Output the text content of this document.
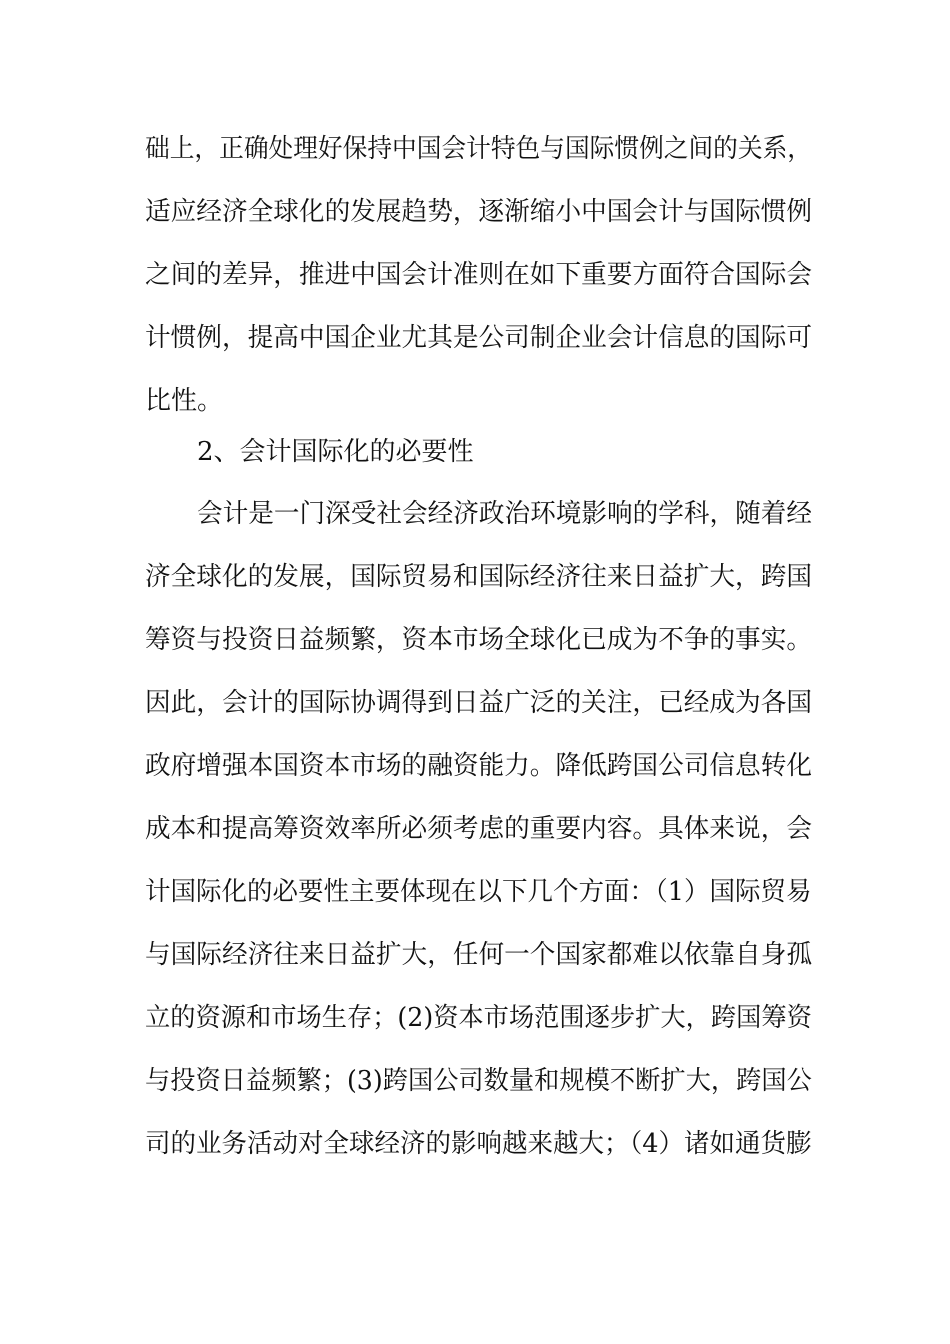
础上，正确处理好保持中国会计特色与国际惯例之间的关系，
适应经济全球化的发展趋势，逐渐缩小中国会计与国际惯例
之间的差异，推进中国会计准则在如下重要方面符合国际会
计惯例，提高中国企业尤其是公司制企业会计信息的国际可
比性。
2、会计国际化的必要性
会计是一门深受社会经济政治环境影响的学科，随着经
济全球化的发展，国际贸易和国际经济往来日益扩大，跨国
筹资与投资日益频繁，资本市场全球化已成为不争的事实。
因此，会计的国际协调得到日益广泛的关注，已经成为各国
政府增强本国资本市场的融资能力。降低跨国公司信息转化
成本和提高筹资效率所必须考虑的重要内容。具体来说，会
计国际化的必要性主要体现在以下几个方面：（1）国际贸易
与国际经济往来日益扩大，任何一个国家都难以依靠自身孤
立的资源和市场生存；(2)资本市场范围逐步扩大，跨国筹资
与投资日益频繁；(3)跨国公司数量和规模不断扩大，跨国公
司的业务活动对全球经济的影响越来越大；（4）诸如通货膨
